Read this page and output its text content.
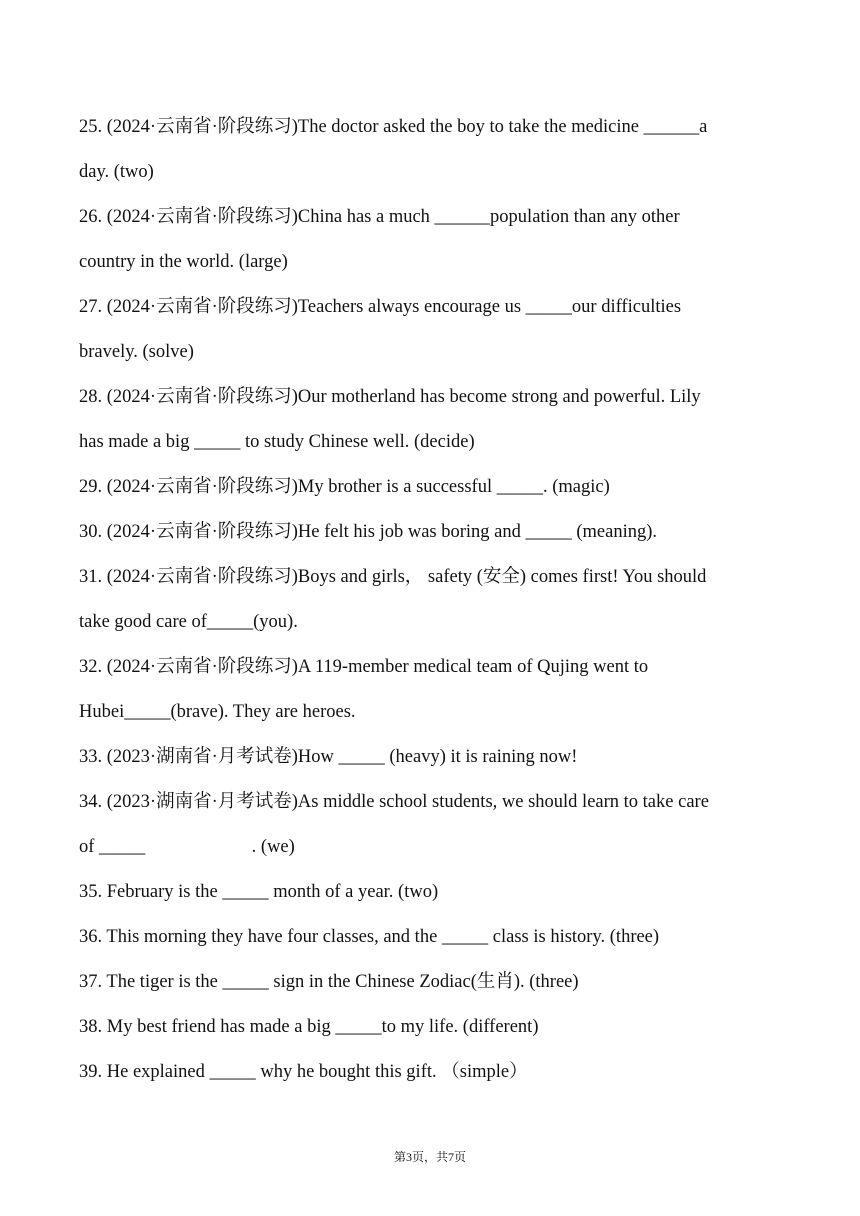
25. (2024·云南省·阶段练习)The doctor asked the boy to take the medicine ______a
day. (two)
26. (2024·云南省·阶段练习)China has a much ______population than any other
country in the world. (large)
27. (2024·云南省·阶段练习)Teachers always encourage us _____our difficulties
bravely. (solve)
28. (2024·云南省·阶段练习)Our motherland has become strong and powerful. Lily
has made a big _____ to study Chinese well. (decide)
29. (2024·云南省·阶段练习)My brother is a successful _____. (magic)
30. (2024·云南省·阶段练习)He felt his job was boring and _____ (meaning).
31. (2024·云南省·阶段练习)Boys and girls， safety (安全) comes first! You should
take good care of_____(you).
32. (2024·云南省·阶段练习)A 119-member medical team of Qujing went to
Hubei_____(brave). They are heroes.
33. (2023·湖南省·月考试卷)How _____ (heavy) it is raining now!
34. (2023·湖南省·月考试卷)As middle school students, we should learn to take care
of _____                       . (we)
35. February is the _____ month of a year. (two)
36. This morning they have four classes, and the _____ class is history. (three)
37. The tiger is the _____ sign in the Chinese Zodiac(生肖). (three)
38. My best friend has made a big _____to my life. (different)
39. He explained _____ why he bought this gift. （simple）
第3页，共7页
